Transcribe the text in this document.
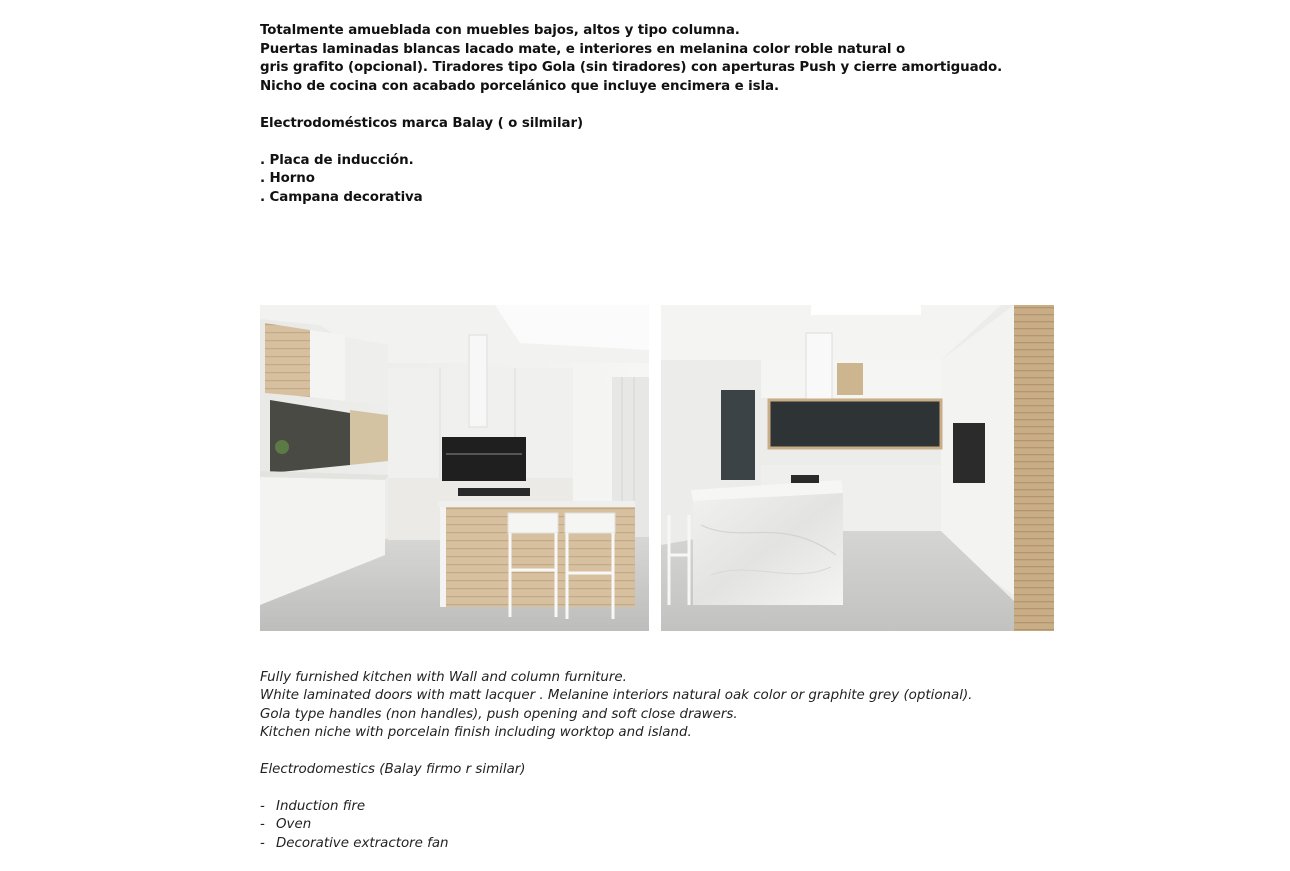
Totalmente amueblada con muebles bajos, altos y tipo columna.

Puertas laminadas blancas lacado mate, e interiores en melanina color roble natural o

gris grafito (opcional). Tiradores tipo Gola (sin tiradores) con aperturas Push y cierre amortiguado.

Nicho de cocina con acabado porcelánico que incluye encimera e isla.

Electrodomésticos marca Balay ( o silmilar)

. Placa de inducción.

. Horno

. Campana decorativa

Fully furnished kitchen with Wall and column furniture.

White laminated doors with matt lacquer . Melanine interiors natural oak color or graphite grey (optional).

Gola type handles (non handles), push opening and soft close drawers.

Kitchen niche with porcelain finish including worktop and island.

Electrodomestics (Balay firmo r similar)

- Induction fire
- Oven
- Decorative extractore fan
